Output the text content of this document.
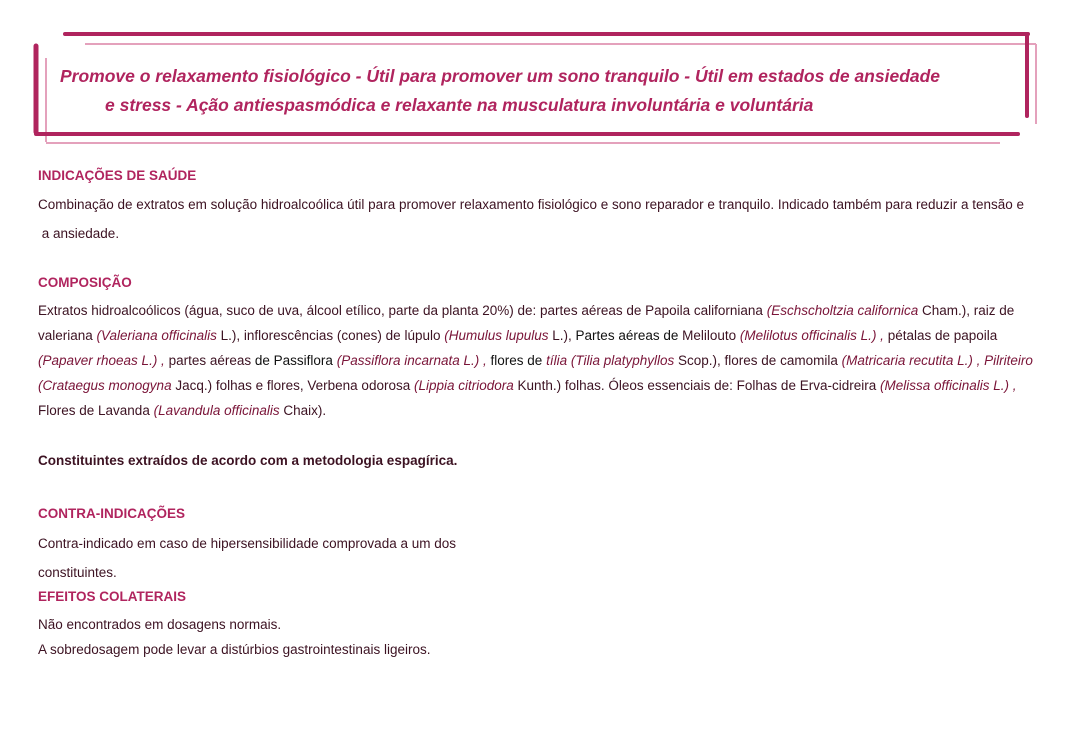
Promove o relaxamento fisiológico - Útil para promover um sono tranquilo - Útil em estados de ansiedade
e stress - Ação antiespasmódica e relaxante na musculatura involuntária e voluntária
INDICAÇÕES DE SAÚDE

Combinação de extratos em solução hidroalcoólica útil para promover relaxamento fisiológico e sono reparador e tranquilo. Indicado também para reduzir a tensão e

a ansiedade.

COMPOSIÇÃO

Extratos hidroalcoólicos (água, suco de uva, álcool etílico, parte da planta 20%) de: partes aéreas de Papoila californiana (Eschscholtzia californica Cham.), raiz de valeriana (Valeriana officinalis L.), inflorescências (cones) de lúpulo (Humulus lupulus L.), Partes aéreas de Melilouto (Melilotus officinalis L.) , pétalas de papoila (Papaver rhoeas L.) , partes aéreas de Passiflora (Passiflora incarnata L.) , flores de tília (Tilia platyphyllos Scop.), flores de camomila (Matricaria recutita L.) , Pilriteiro (Crataegus monogyna Jacq.) folhas e flores, Verbena odorosa (Lippia citriodora Kunth.) folhas. Óleos essenciais de: Folhas de Erva-cidreira (Melissa officinalis L.) , Flores de Lavanda (Lavandula officinalis Chaix).

Constituintes extraídos de acordo com a metodologia espagírica.
CONTRA-INDICAÇÕES

Contra-indicado em caso de hipersensibilidade comprovada a um dos

constituintes.

EFEITOS COLATERAIS

Não encontrados em dosagens normais.

A sobredosagem pode levar a distúrbios gastrointestinais ligeiros.
